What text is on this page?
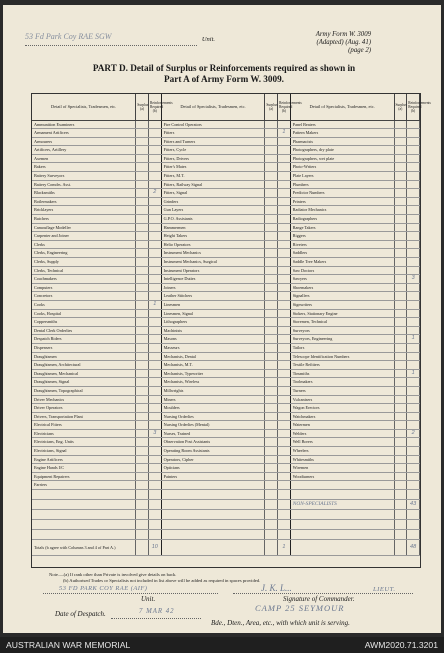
53 Fd Park Coy RAE SGW	Unit.
Army Form W. 3009
(Adapted) (Aug. 41)
(page 2)
PART D. Detail of Surplus or Reinforcements required as shown in
Part A of Army Form W. 3009.
Detail of Specialists, Tradesmen, etc.	Surplus (a)	Reinforcements Required (b)	Detail of Specialists, Tradesmen, etc.	Surplus (a)	Reinforcements Required (b)	Detail of Specialists, Tradesmen, etc.	Surplus (a)	Reinforcements Required (b)
Ammunition Examiners			Fire Control Operators			Panel Beaters		
Armament Artificers			Fitters		1	Pattern Makers		
Armourers			Fitters and Turners			Pharmacists		
Artificers, Artillery			Fitters, Cycle			Photographers, dry plate		
Axemen			Fitters, Drivers			Photographers, wet plate		
Bakers			Fitter's Mates			Photo-Writers		
Battery Surveyors			Fitters, M.T.			Plate Layers		
Battery Comdrs. Asst.			Fitters, Railway Signal			Plumbers		
Blacksmiths		2	Fitters, Signal			Predictor Numbers		
Boilermakers			Grinders			Printers		
Bricklayers			Gun Layers			Radiator Mechanics		
Butchers			G.P.O. Assistants			Radiographers		
Camouflage Modeller			Hammermen			Range Takers		
Carpenter and Joiner			Height Takers			Riggers		
Clerks			Helio Operators			Riveters		
Clerks, Engineering			Instrument Mechanics			Saddlers		
Clerks, Supply			Instrument Mechanics, Surgical			Saddle Tree Makers		
Clerks, Technical			Instrument Operators			Saw Doctors		
Coachmakers			Intelligence Duties			Sawyers		3
Computers			Joiners			Shoemakers		
Concretors			Leather Stitchers			Signallers		
Cooks		1	Linesmen			Signwriters		
Cooks, Hospital			Linesmen, Signal			Stokers, Stationary Engine		
Coppersmiths			Lithographers			Storemen, Technical		
Dental Clerk Orderlies			Machinists			Surveyors		
Despatch Riders			Masons			Surveyors, Engineering		1
Dispensers			Masseurs			Tailors		
Draughtsmen			Mechanists, Dental			Telescope Identification Numbers		
Draughtsmen, Architectural			Mechanists, M.T.			Textile Refitters		
Draughtsmen, Mechanical			Mechanists, Typewriter			Tinsmiths		1
Draughtsmen, Signal			Mechanists, Wireless			Toolmakers		
Draughtsmen, Topographical			Millwrights			Turners		
Driver Mechanics			Miners			Vulcanisers		
Driver Operators			Moulders			Wagon Erectors		
Drivers, Transportation Plant			Nursing Orderlies			Watchmakers		
Electrical Fitters			Nursing Orderlies (Mental)			Watermen		
Electricians		3	Nurses, Trained			Welders		2
Electricians, Eng. Units			Observation Post Assistants			Well Borers		
Electricians, Signal			Operating Room Assistants			Wheelers		
Engine Artificers			Operators, Cipher			Whitesmiths		
Engine Hands I/C			Opticians			Wiremen		
Equipment Repairers			Painters			Woodturners		
Farriers								

						NON-SPECIALISTS		43

Totals (b agree with Columns 3 and 4 of Part A.)		10			1			48
Note.—(a) If rank other than Private is involved give details on back.
(b) Authorised Trades or Specialists not included in list above will be added as required in spaces provided.
53 FD PARK COY RAE (AIF)	J. K. L...	LIEUT.
Unit.	Signature of Commander.
Date of Despatch.	7 MAR 42	CAMP 25 SEYMOUR
Bde., Dten., Area, etc., with which unit is serving.
AUSTRALIAN WAR MEMORIAL	AWM2020.71.3201
